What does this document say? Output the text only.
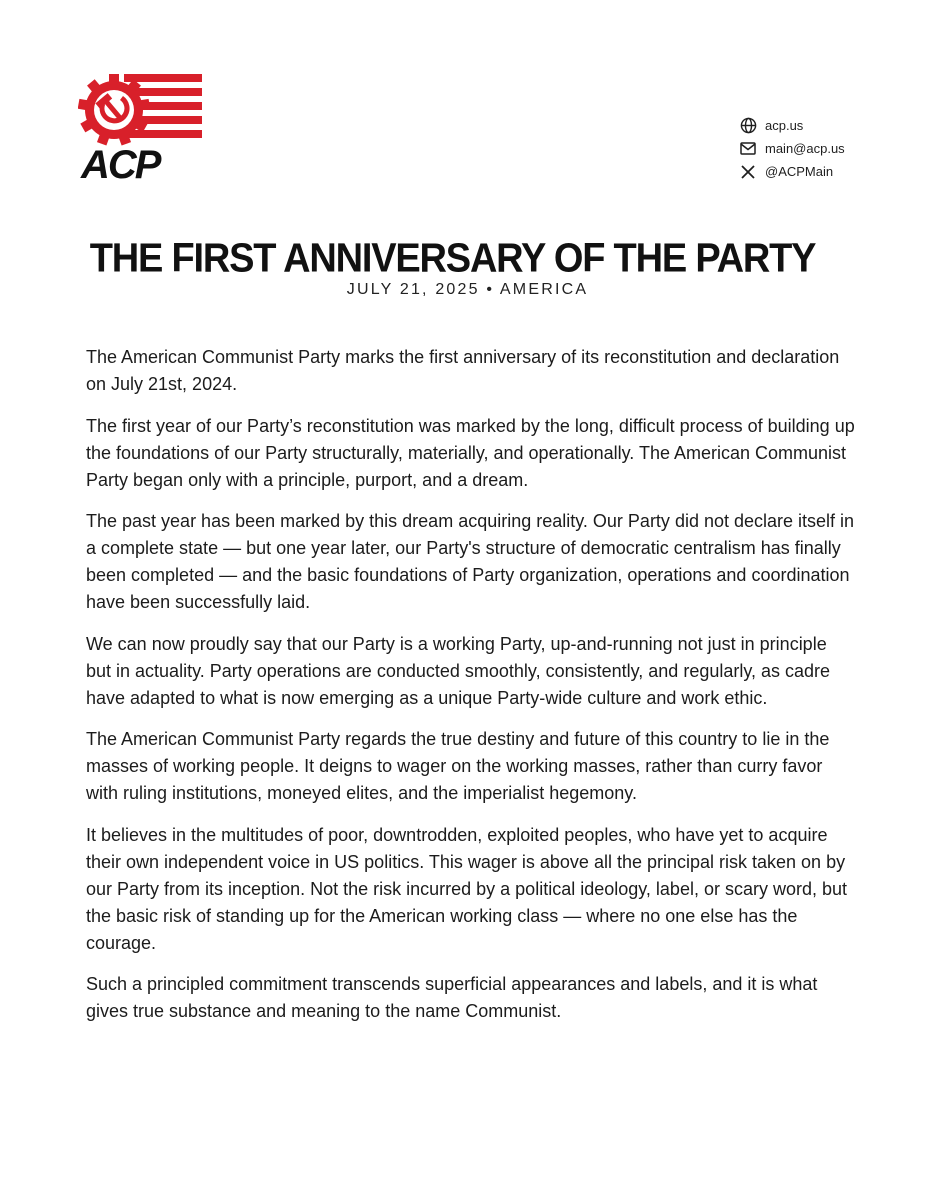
ACP
acp.us
main@acp.us
@ACPMain
THE FIRST ANNIVERSARY OF THE PARTY
JULY 21, 2025 • AMERICA

The American Communist Party marks the first anniversary of its reconstitution and declaration on July 21st, 2024.

The first year of our Party’s reconstitution was marked by the long, difficult process of building up the foundations of our Party structurally, materially, and operationally. The American Communist Party began only with a principle, purport, and a dream.

The past year has been marked by this dream acquiring reality. Our Party did not declare itself in a complete state — but one year later, our Party's structure of democratic centralism has finally been completed — and the basic foundations of Party organization, operations and coordination have been successfully laid.

We can now proudly say that our Party is a working Party, up-and-running not just in principle but in actuality. Party operations are conducted smoothly, consistently, and regularly, as cadre have adapted to what is now emerging as a unique Party-wide culture and work ethic.

The American Communist Party regards the true destiny and future of this country to lie in the masses of working people. It deigns to wager on the working masses, rather than curry favor with ruling institutions, moneyed elites, and the imperialist hegemony.

It believes in the multitudes of poor, downtrodden, exploited peoples, who have yet to acquire their own independent voice in US politics. This wager is above all the principal risk taken on by our Party from its inception. Not the risk incurred by a political ideology, label, or scary word, but the basic risk of standing up for the American working class — where no one else has the courage.

Such a principled commitment transcends superficial appearances and labels, and it is what gives true substance and meaning to the name Communist.
